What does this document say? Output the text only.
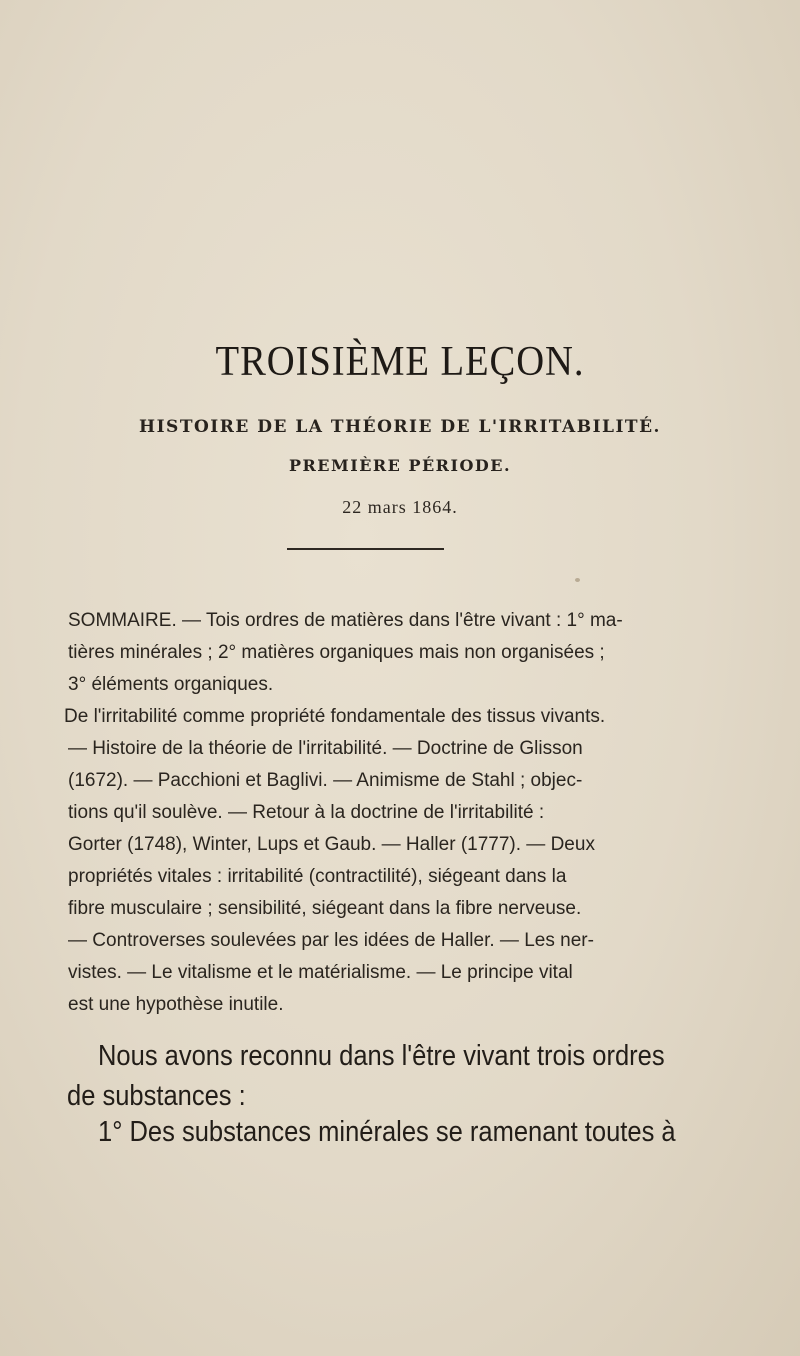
TROISIÈME LEÇON.
HISTOIRE DE LA THÉORIE DE L'IRRITABILITÉ.
PREMIÈRE PÉRIODE.
22 mars 1864.
SOMMAIRE. — Tois ordres de matières dans l'être vivant : 1° ma-
tières minérales ; 2° matières organiques mais non organisées ;
3° éléments organiques.
De l'irritabilité comme propriété fondamentale des tissus vivants.
— Histoire de la théorie de l'irritabilité. — Doctrine de Glisson
(1672). — Pacchioni et Baglivi. — Animisme de Stahl ; objec-
tions qu'il soulève. — Retour à la doctrine de l'irritabilité :
Gorter (1748), Winter, Lups et Gaub. — Haller (1777). — Deux
propriétés vitales : irritabilité (contractilité), siégeant dans la
fibre musculaire ; sensibilité, siégeant dans la fibre nerveuse.
— Controverses soulevées par les idées de Haller. — Les ner-
vistes. — Le vitalisme et le matérialisme. — Le principe vital
est une hypothèse inutile.
Nous avons reconnu dans l'être vivant trois ordres
de substances :
1° Des substances minérales se ramenant toutes à
